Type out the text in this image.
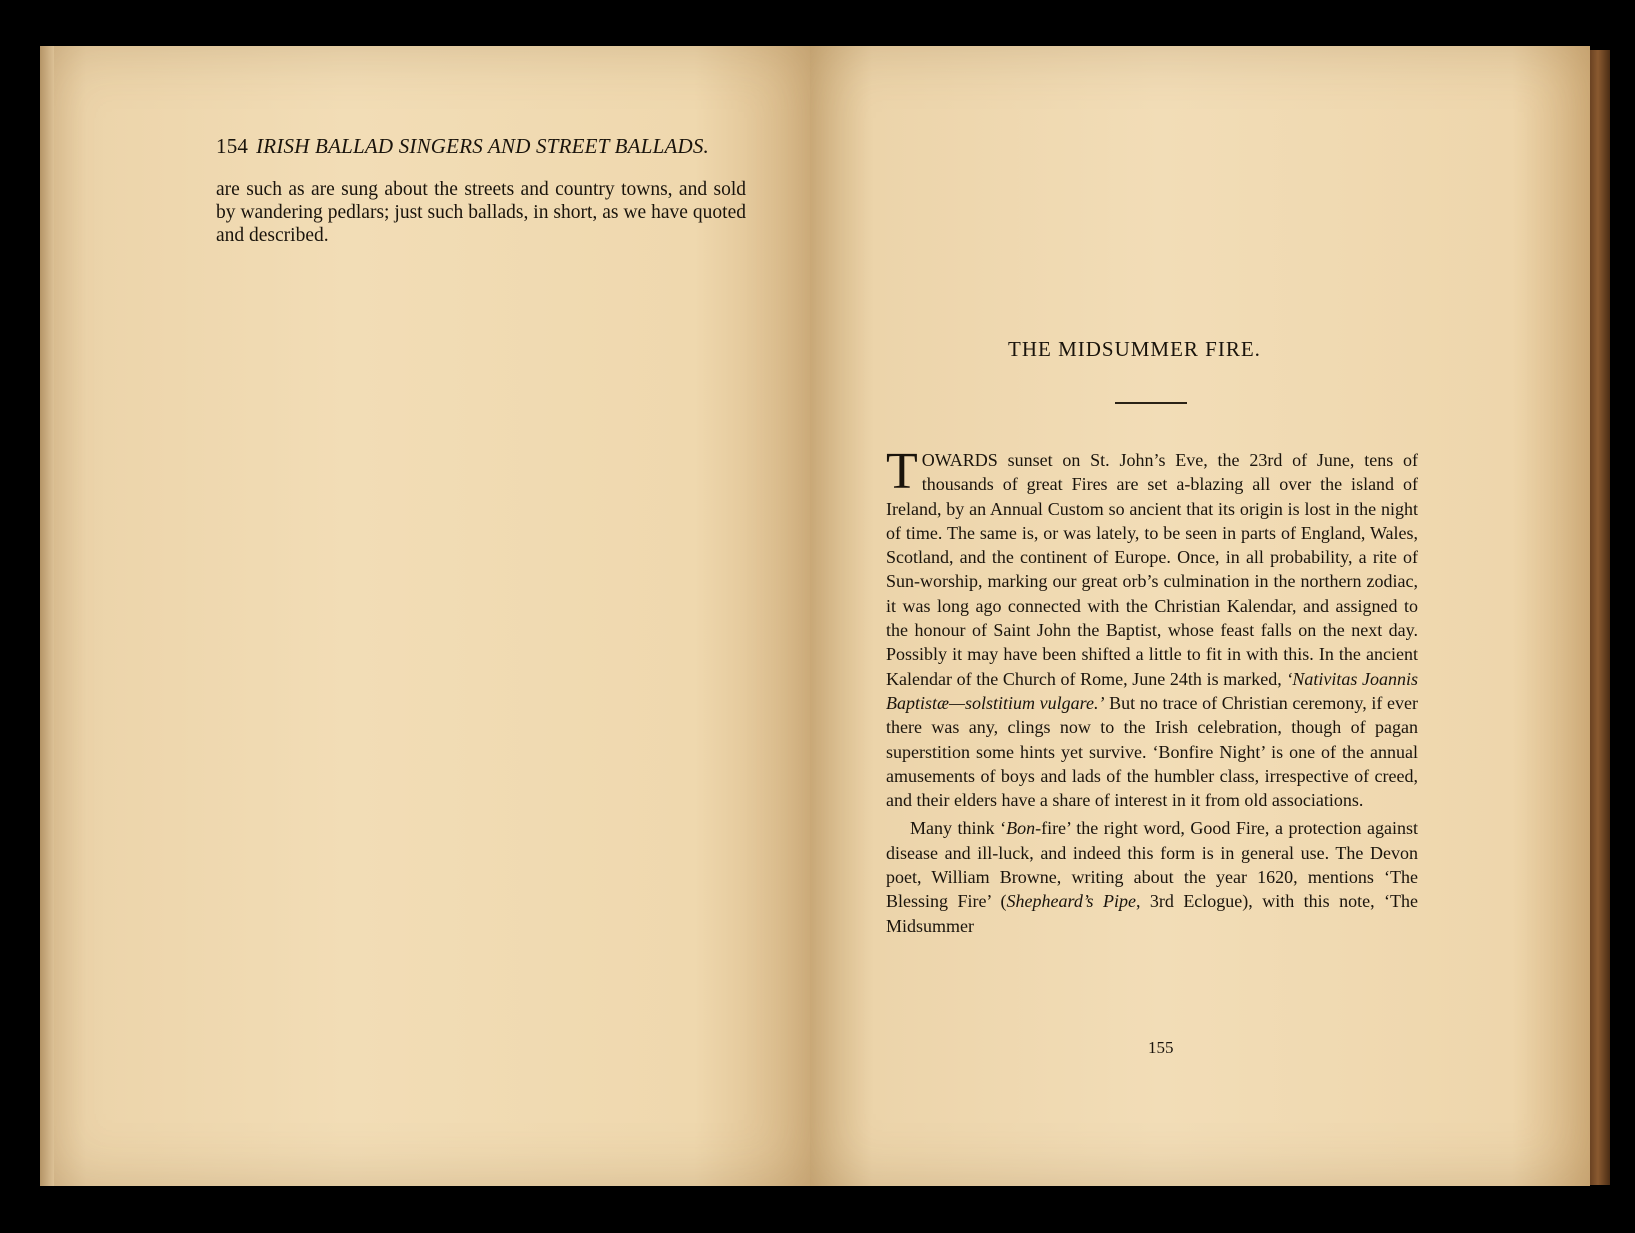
154 IRISH BALLAD SINGERS AND STREET BALLADS.
are such as are sung about the streets and country towns, and sold by wandering pedlars; just such ballads, in short, as we have quoted and described.
THE MIDSUMMER FIRE.

TOWARDS sunset on St. John’s Eve, the 23rd of June, tens of thousands of great Fires are set a-blazing all over the island of Ireland, by an Annual Custom so ancient that its origin is lost in the night of time. The same is, or was lately, to be seen in parts of England, Wales, Scotland, and the continent of Europe. Once, in all probability, a rite of Sun-worship, marking our great orb’s culmination in the northern zodiac, it was long ago connected with the Christian Kalendar, and assigned to the honour of Saint John the Baptist, whose feast falls on the next day. Possibly it may have been shifted a little to fit in with this. In the ancient Kalendar of the Church of Rome, June 24th is marked, ‘Nativitas Joannis Baptistæ—solstitium vulgare.’ But no trace of Christian ceremony, if ever there was any, clings now to the Irish celebration, though of pagan superstition some hints yet survive. ‘Bonfire Night’ is one of the annual amusements of boys and lads of the humbler class, irrespective of creed, and their elders have a share of interest in it from old associations.

Many think ‘Bon-fire’ the right word, Good Fire, a protection against disease and ill-luck, and indeed this form is in general use. The Devon poet, William Browne, writing about the year 1620, mentions ‘The Blessing Fire’ (Shepheard’s Pipe, 3rd Eclogue), with this note, ‘The Midsummer

155
